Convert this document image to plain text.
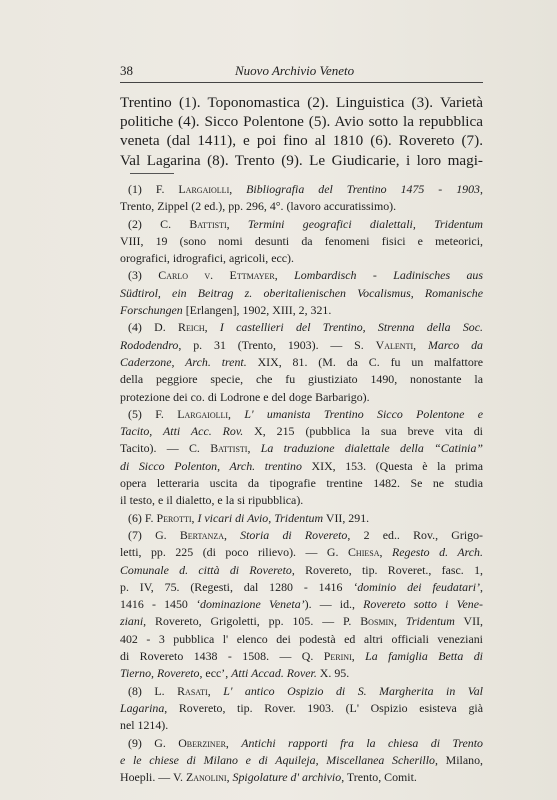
38	Nuovo Archivio Veneto
Trentino (1). Toponomastica (2). Linguistica (3). Varietà
politiche (4). Sicco Polentone (5). Avio sotto la repubblica
veneta (dal 1411), e poi fino al 1810 (6). Rovereto (7).
Val Lagarina (8). Trento (9). Le Giudicarie, i loro magi-
(1) F. Largaiolli, Bibliografia del Trentino 1475 - 1903,
Trento, Zippel (2 ed.), pp. 296, 4°. (lavoro accuratissimo).
(2) C. Battisti, Termini geografici dialettali, Tridentum
VIII, 19 (sono nomi desunti da fenomeni fisici e meteorici,
orografici, idrografici, agricoli, ecc).
(3) Carlo v. Ettmayer, Lombardisch - Ladinisches aus
Südtirol, ein Beitrag z. oberitalienischen Vocalismus, Romanische
Forschungen [Erlangen], 1902, XIII, 2, 321.
(4) D. Reich, I castellieri del Trentino, Strenna della Soc.
Rododendro, p. 31 (Trento, 1903). — S. Valenti, Marco da
Caderzone, Arch. trent. XIX, 81. (M. da C. fu un malfattore
della peggiore specie, che fu giustiziato 1490, nonostante la
protezione dei co. di Lodrone e del doge Barbarigo).
(5) F. Largaiolli, L' umanista Trentino Sicco Polentone e
Tacito, Atti Acc. Rov. X, 215 (pubblica la sua breve vita di
Tacito). — C. Battisti, La traduzione dialettale della “Catinia”
di Sicco Polenton, Arch. trentino XIX, 153. (Questa è la prima
opera letteraria uscita da tipografie trentine 1482. Se ne studia
il testo, e il dialetto, e la si ripubblica).
(6) F. Perotti, I vicari di Avio, Tridentum VII, 291.
(7) G. Bertanza, Storia di Rovereto, 2 ed.. Rov., Grigo-
letti, pp. 225 (di poco rilievo). — G. Chiesa, Regesto d. Arch.
Comunale d. città di Rovereto, Rovereto, tip. Roveret., fasc. 1,
p. IV, 75. (Regesti, dal 1280 - 1416 ‘dominio dei feudatari’,
1416 - 1450 ‘dominazione Veneta’). — id., Roveretо sotto i Vene-
ziani, Rovereto, Grigoletti, pp. 105. — P. Bosmin, Tridentum VII,
402 - 3 pubblica l' elenco dei podestà ed altri officiali veneziani
di Rovereto 1438 - 1508. — Q. Perini, La famiglia Betta di
Tierno, Rovereto, ecc’, Atti Accad. Rover. X. 95.
(8) L. Rasati, L' antico Ospizio di S. Margherita in Val
Lagarina, Rovereto, tip. Rover. 1903. (L' Ospizio esisteva già
nel 1214).
(9) G. Oberziner, Antichi rapporti fra la chiesa di Trento
e le chiese di Milano e di Aquileja, Miscellanea Scherillo, Milano,
Hoepli. — V. Zanolini, Spigolature d' archivio, Trento, Comit.
